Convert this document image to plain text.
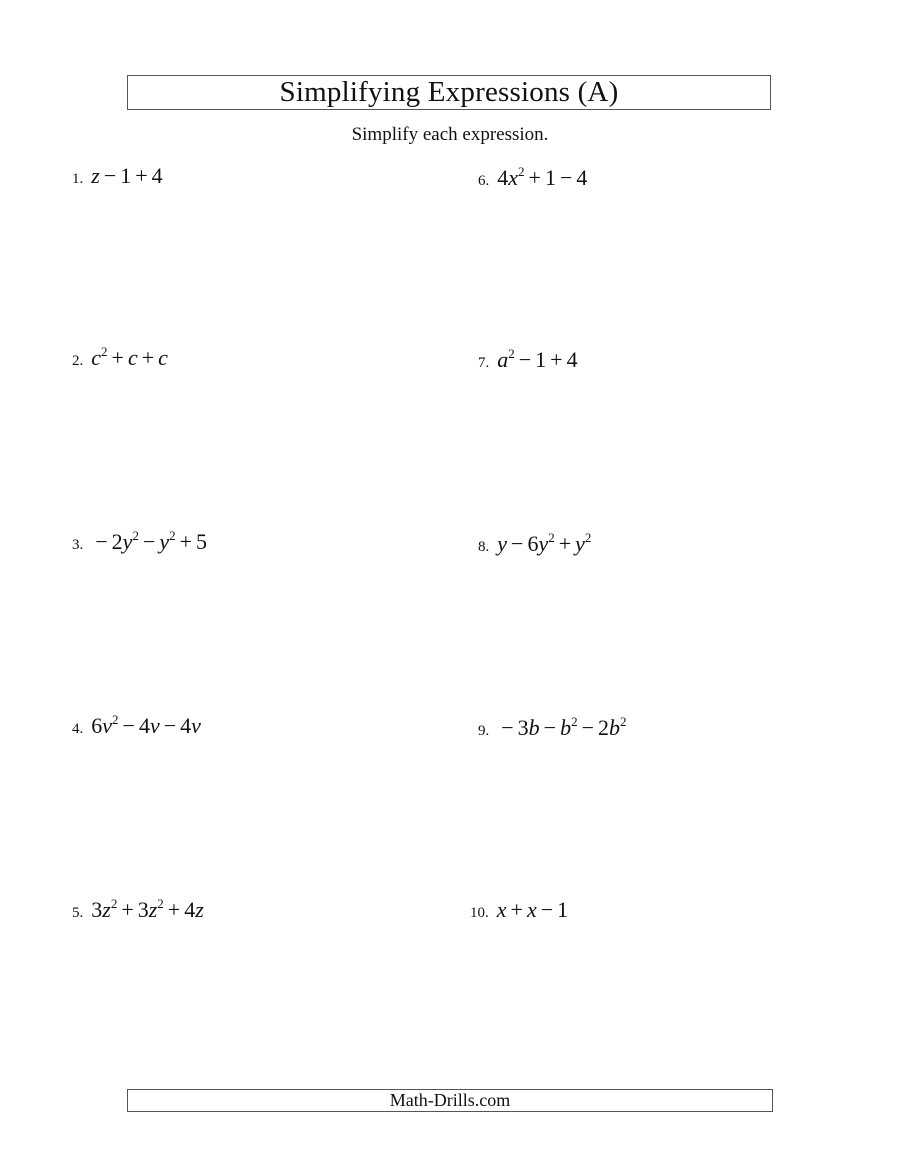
Simplifying Expressions (A)
Simplify each expression.
1. z − 1 + 4
2. $c^2 + c + c$
3. − $2y^2 - y^2 + 5$
4. $6v^2 - 4v - 4v$
5. $3z^2 + 3z^2 + 4z$
6. $4x^2 + 1 - 4$
7. $a^2 - 1 + 4$
8. $y - 6y^2 + y^2$
9. − $3b - b^2 - 2b^2$
10. x + x − 1
Math-Drills.com
